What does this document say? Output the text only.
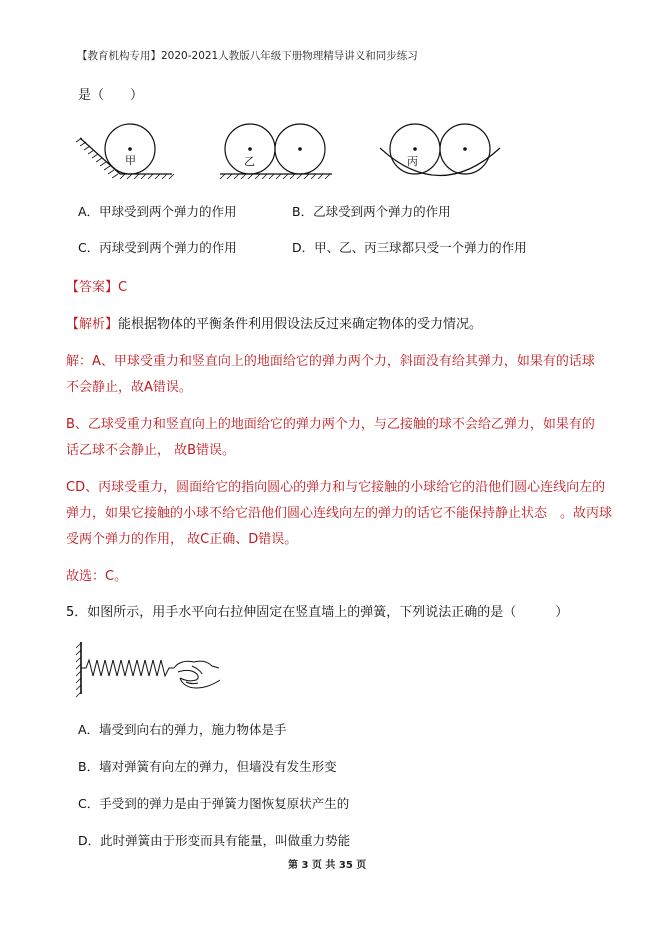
【教育机构专用】2020-2021人教版八年级下册物理精导讲义和同步练习
是（　　）
甲	乙	丙
A．甲球受到两个弹力的作用	B．乙球受到两个弹力的作用
C．丙球受到两个弹力的作用	D．甲、乙、丙三球都只受一个弹力的作用
【答案】C
【解析】能根据物体的平衡条件利用假设法反过来确定物体的受力情况。
解：A、甲球受重力和竖直向上的地面给它的弹力两个力，斜面没有给其弹力，如果有的话球
不会静止，故A错误。
B、乙球受重力和竖直向上的地面给它的弹力两个力，与乙接触的球不会给乙弹力，如果有的
话乙球不会静止， 故B错误。
CD、丙球受重力，圆面给它的指向圆心的弹力和与它接触的小球给它的沿他们圆心连线向左的
弹力，如果它接触的小球不给它沿他们圆心连线向左的弹力的话它不能保持静止状态　。故丙球
受两个弹力的作用， 故C正确、D错误。
故选：C。
5．如图所示，用手水平向右拉伸固定在竖直墙上的弹簧，下列说法正确的是（　　　）
A．墙受到向右的弹力，施力物体是手
B．墙对弹簧有向左的弹力，但墙没有发生形变
C．手受到的弹力是由于弹簧力图恢复原状产生的
D．此时弹簧由于形变而具有能量，叫做重力势能
第 3 页 共 35 页
